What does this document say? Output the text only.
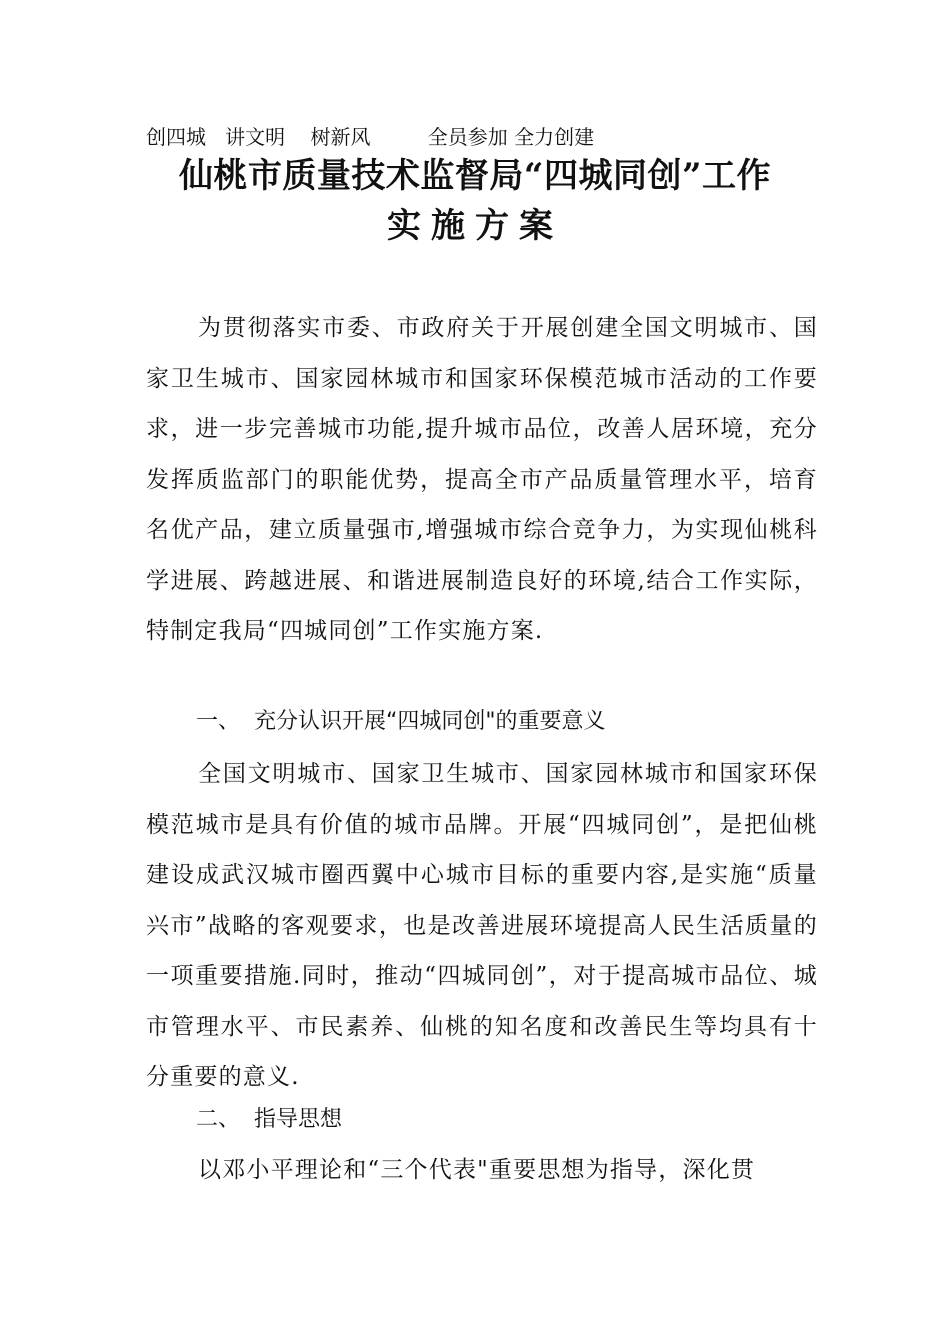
创四城   讲文明    树新风         全员参加 全力创建
仙桃市质量技术监督局“四城同创”工作
实施方案

为贯彻落实市委、市政府关于开展创建全国文明城市、国家卫生城市、国家园林城市和国家环保模范城市活动的工作要求，进一步完善城市功能,提升城市品位，改善人居环境，充分发挥质监部门的职能优势，提高全市产品质量管理水平，培育名优产品，建立质量强市,增强城市综合竞争力，为实现仙桃科学进展、跨越进展、和谐进展制造良好的环境,结合工作实际，特制定我局“四城同创”工作实施方案.

一、 充分认识开展“四城同创"的重要意义

全国文明城市、国家卫生城市、国家园林城市和国家环保模范城市是具有价值的城市品牌。开展“四城同创”，是把仙桃建设成武汉城市圈西翼中心城市目标的重要内容,是实施“质量兴市”战略的客观要求，也是改善进展环境提高人民生活质量的一项重要措施.同时，推动“四城同创”，对于提高城市品位、城市管理水平、市民素养、仙桃的知名度和改善民生等均具有十分重要的意义.

二、 指导思想

以邓小平理论和“三个代表"重要思想为指导，深化贯
